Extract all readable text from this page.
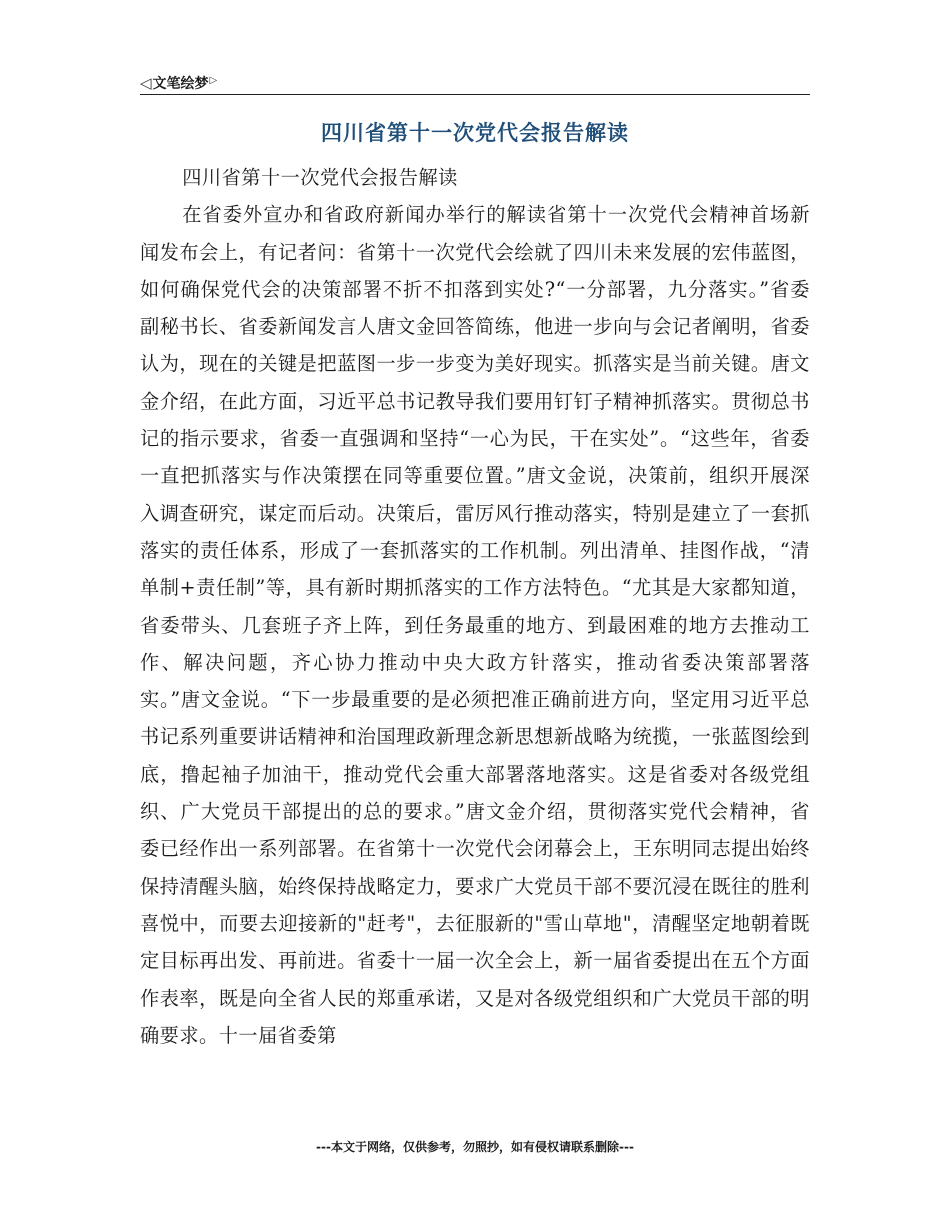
◁ 文笔绘梦 ▷
四川省第十一次党代会报告解读

四川省第十一次党代会报告解读

在省委外宣办和省政府新闻办举行的解读省第十一次党代会精神首场新闻发布会上，有记者问：省第十一次党代会绘就了四川未来发展的宏伟蓝图，如何确保党代会的决策部署不折不扣落到实处?“一分部署，九分落实。”省委副秘书长、省委新闻发言人唐文金回答简练，他进一步向与会记者阐明，省委认为，现在的关键是把蓝图一步一步变为美好现实。抓落实是当前关键。唐文金介绍，在此方面，习近平总书记教导我们要用钉钉子精神抓落实。贯彻总书记的指示要求，省委一直强调和坚持“一心为民，干在实处”。“这些年，省委一直把抓落实与作决策摆在同等重要位置。”唐文金说，决策前，组织开展深入调查研究，谋定而后动。决策后，雷厉风行推动落实，特别是建立了一套抓落实的责任体系，形成了一套抓落实的工作机制。列出清单、挂图作战，“清单制+责任制”等，具有新时期抓落实的工作方法特色。“尤其是大家都知道，省委带头、几套班子齐上阵，到任务最重的地方、到最困难的地方去推动工作、解决问题，齐心协力推动中央大政方针落实，推动省委决策部署落实。”唐文金说。“下一步最重要的是必须把准正确前进方向，坚定用习近平总书记系列重要讲话精神和治国理政新理念新思想新战略为统揽，一张蓝图绘到底，撸起袖子加油干，推动党代会重大部署落地落实。这是省委对各级党组织、广大党员干部提出的总的要求。”唐文金介绍，贯彻落实党代会精神，省委已经作出一系列部署。在省第十一次党代会闭幕会上，王东明同志提出始终保持清醒头脑，始终保持战略定力，要求广大党员干部不要沉浸在既往的胜利喜悦中，而要去迎接新的"赶考"，去征服新的"雪山草地"，清醒坚定地朝着既定目标再出发、再前进。省委十一届一次全会上，新一届省委提出在五个方面作表率，既是向全省人民的郑重承诺，又是对各级党组织和广大党员干部的明确要求。十一届省委第

---本文于网络，仅供参考，勿照抄，如有侵权请联系删除---
